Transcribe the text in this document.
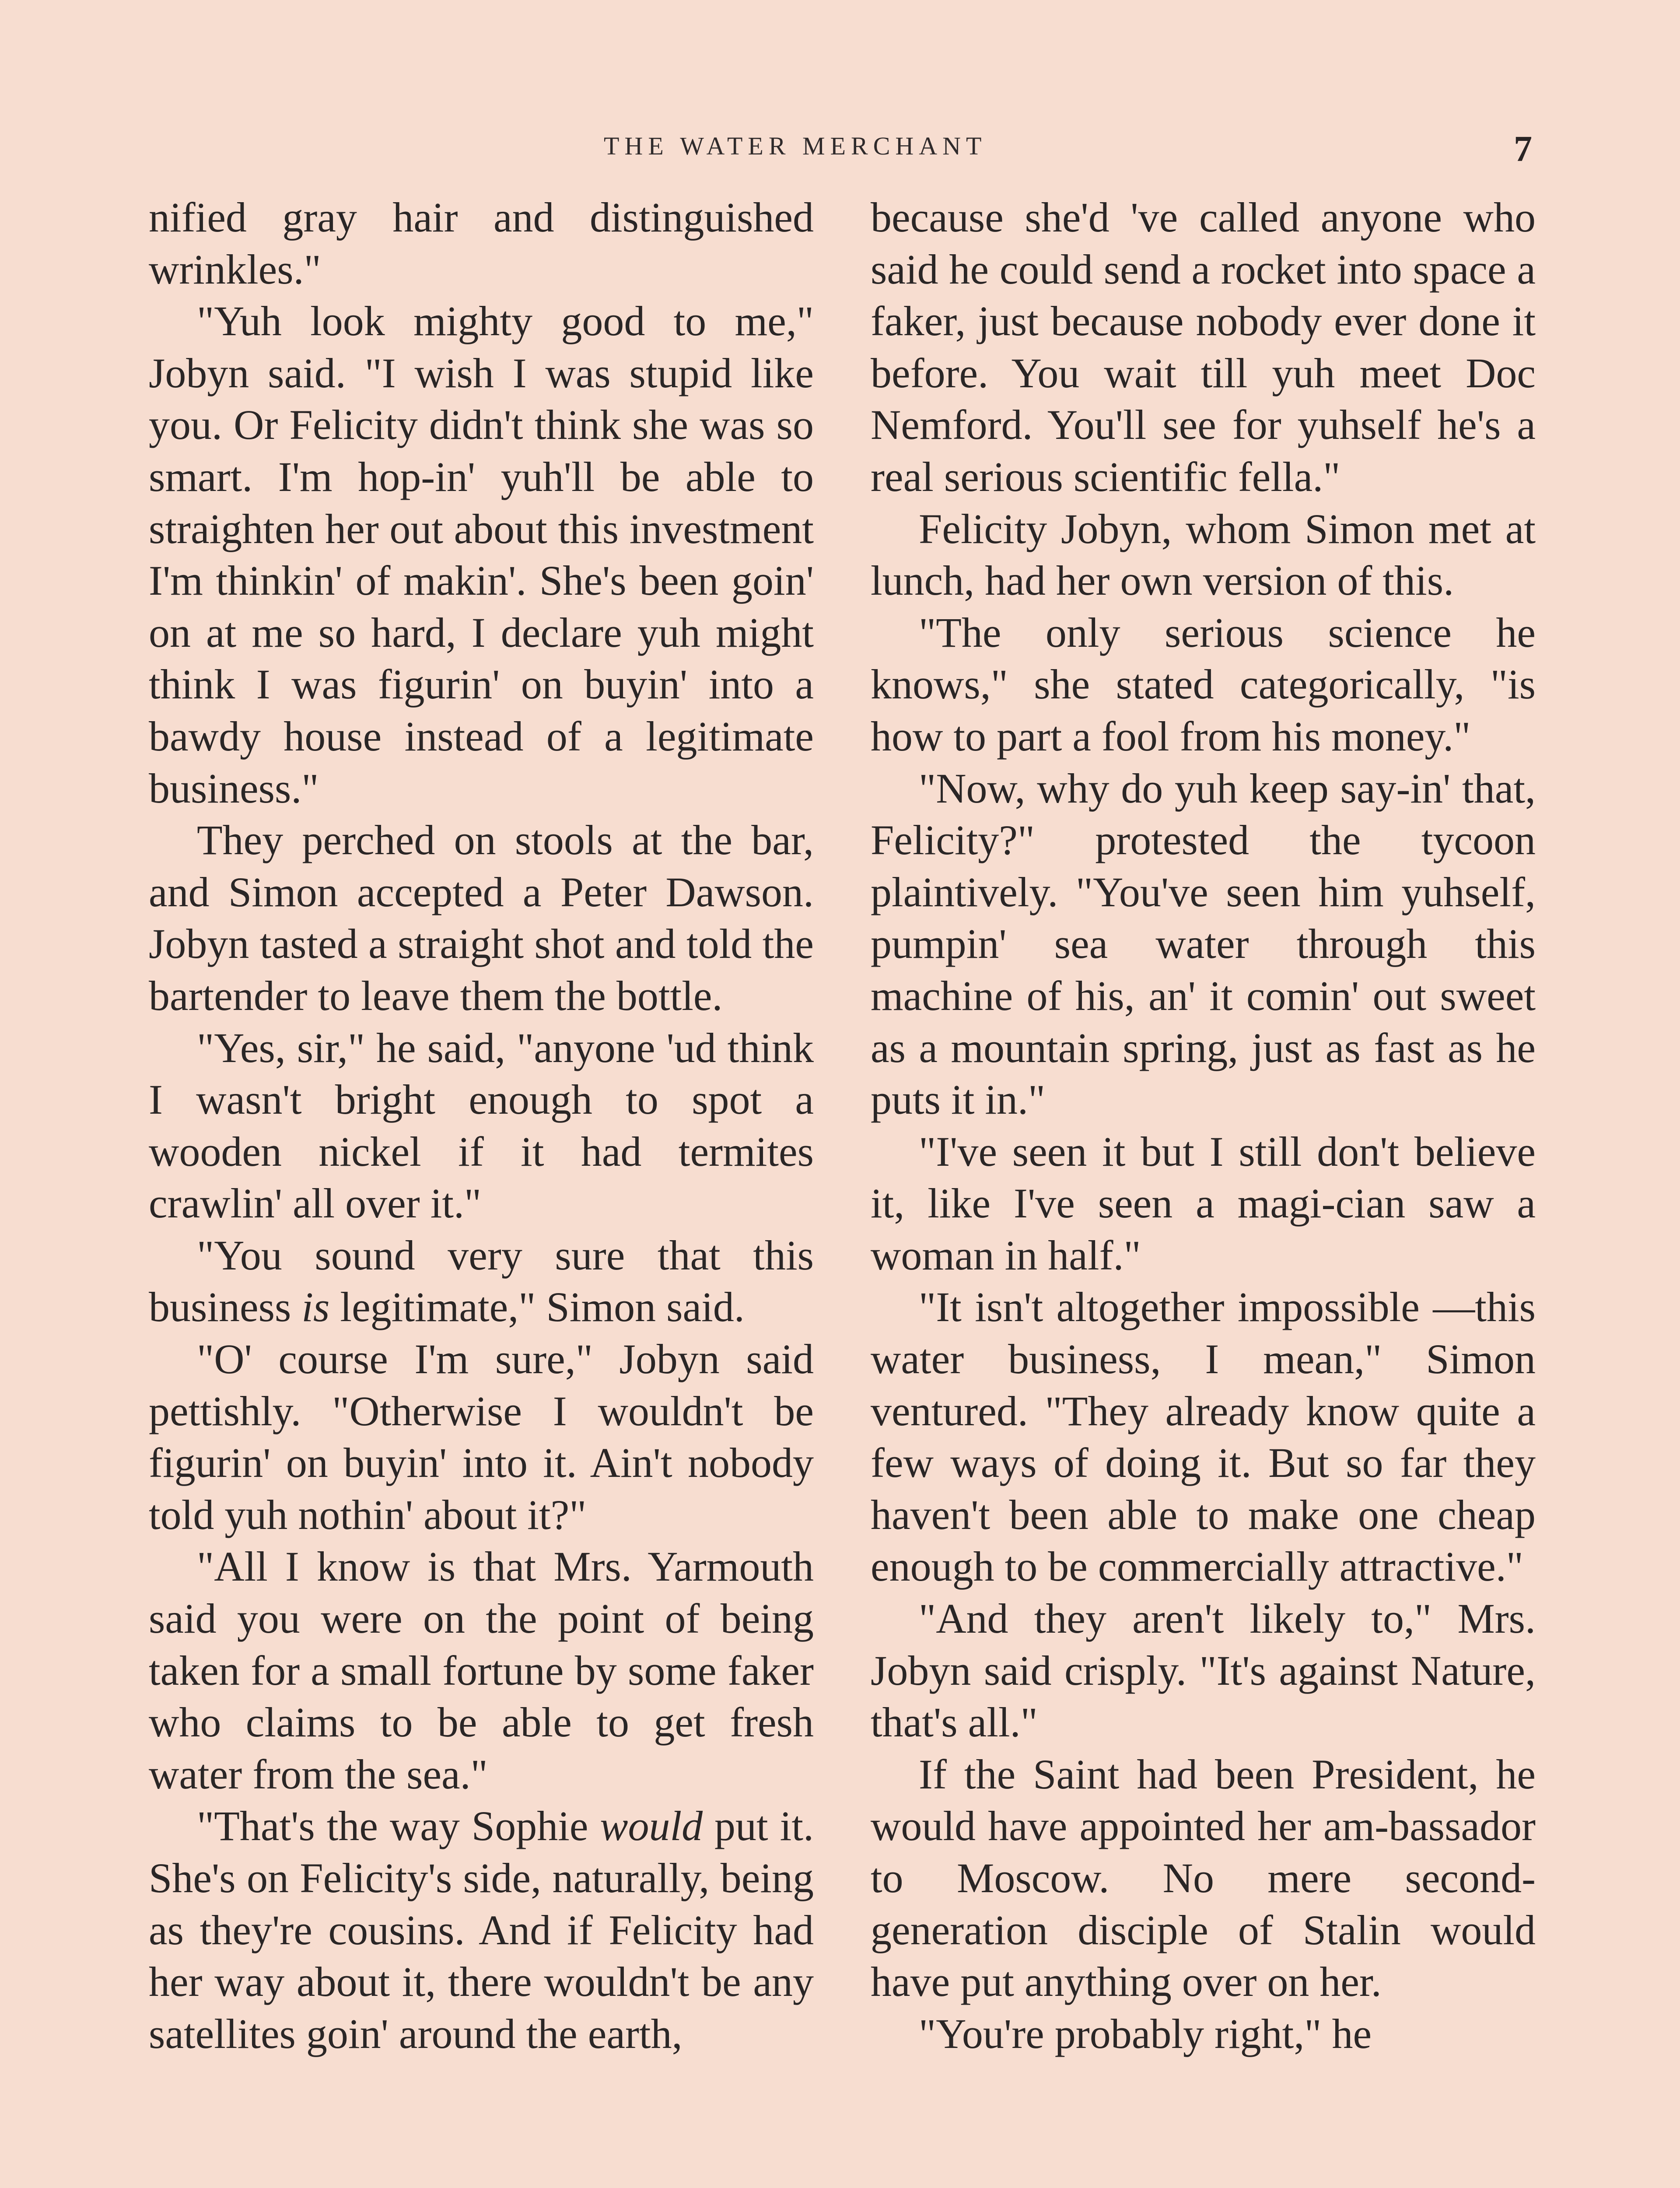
THE WATER MERCHANT	7

nified gray hair and distinguished wrinkles."

"Yuh look mighty good to me," Jobyn said. "I wish I was stupid like you. Or Felicity didn't think she was so smart. I'm hop-in' yuh'll be able to straighten her out about this investment I'm thinkin' of makin'. She's been goin' on at me so hard, I declare yuh might think I was figurin' on buyin' into a bawdy house instead of a legitimate business."

They perched on stools at the bar, and Simon accepted a Peter Dawson. Jobyn tasted a straight shot and told the bartender to leave them the bottle.

"Yes, sir," he said, "anyone 'ud think I wasn't bright enough to spot a wooden nickel if it had termites crawlin' all over it."

"You sound very sure that this business is legitimate," Simon said.

"O' course I'm sure," Jobyn said pettishly. "Otherwise I wouldn't be figurin' on buyin' into it. Ain't nobody told yuh nothin' about it?"

"All I know is that Mrs. Yarmouth said you were on the point of being taken for a small fortune by some faker who claims to be able to get fresh water from the sea."

"That's the way Sophie would put it. She's on Felicity's side, naturally, being as they're cousins. And if Felicity had her way about it, there wouldn't be any satellites goin' around the earth,

because she'd 've called anyone who said he could send a rocket into space a faker, just because nobody ever done it before. You wait till yuh meet Doc Nemford. You'll see for yuhself he's a real serious scientific fella."

Felicity Jobyn, whom Simon met at lunch, had her own version of this.

"The only serious science he knows," she stated categorically, "is how to part a fool from his money."

"Now, why do yuh keep say-in' that, Felicity?" protested the tycoon plaintively. "You've seen him yuhself, pumpin' sea water through this machine of his, an' it comin' out sweet as a mountain spring, just as fast as he puts it in."

"I've seen it but I still don't believe it, like I've seen a magi-cian saw a woman in half."

"It isn't altogether impossible —this water business, I mean," Simon ventured. "They already know quite a few ways of doing it. But so far they haven't been able to make one cheap enough to be commercially attractive."

"And they aren't likely to," Mrs. Jobyn said crisply. "It's against Nature, that's all."

If the Saint had been President, he would have appointed her am-bassador to Moscow. No mere second-generation disciple of Stalin would have put anything over on her.

"You're probably right," he
